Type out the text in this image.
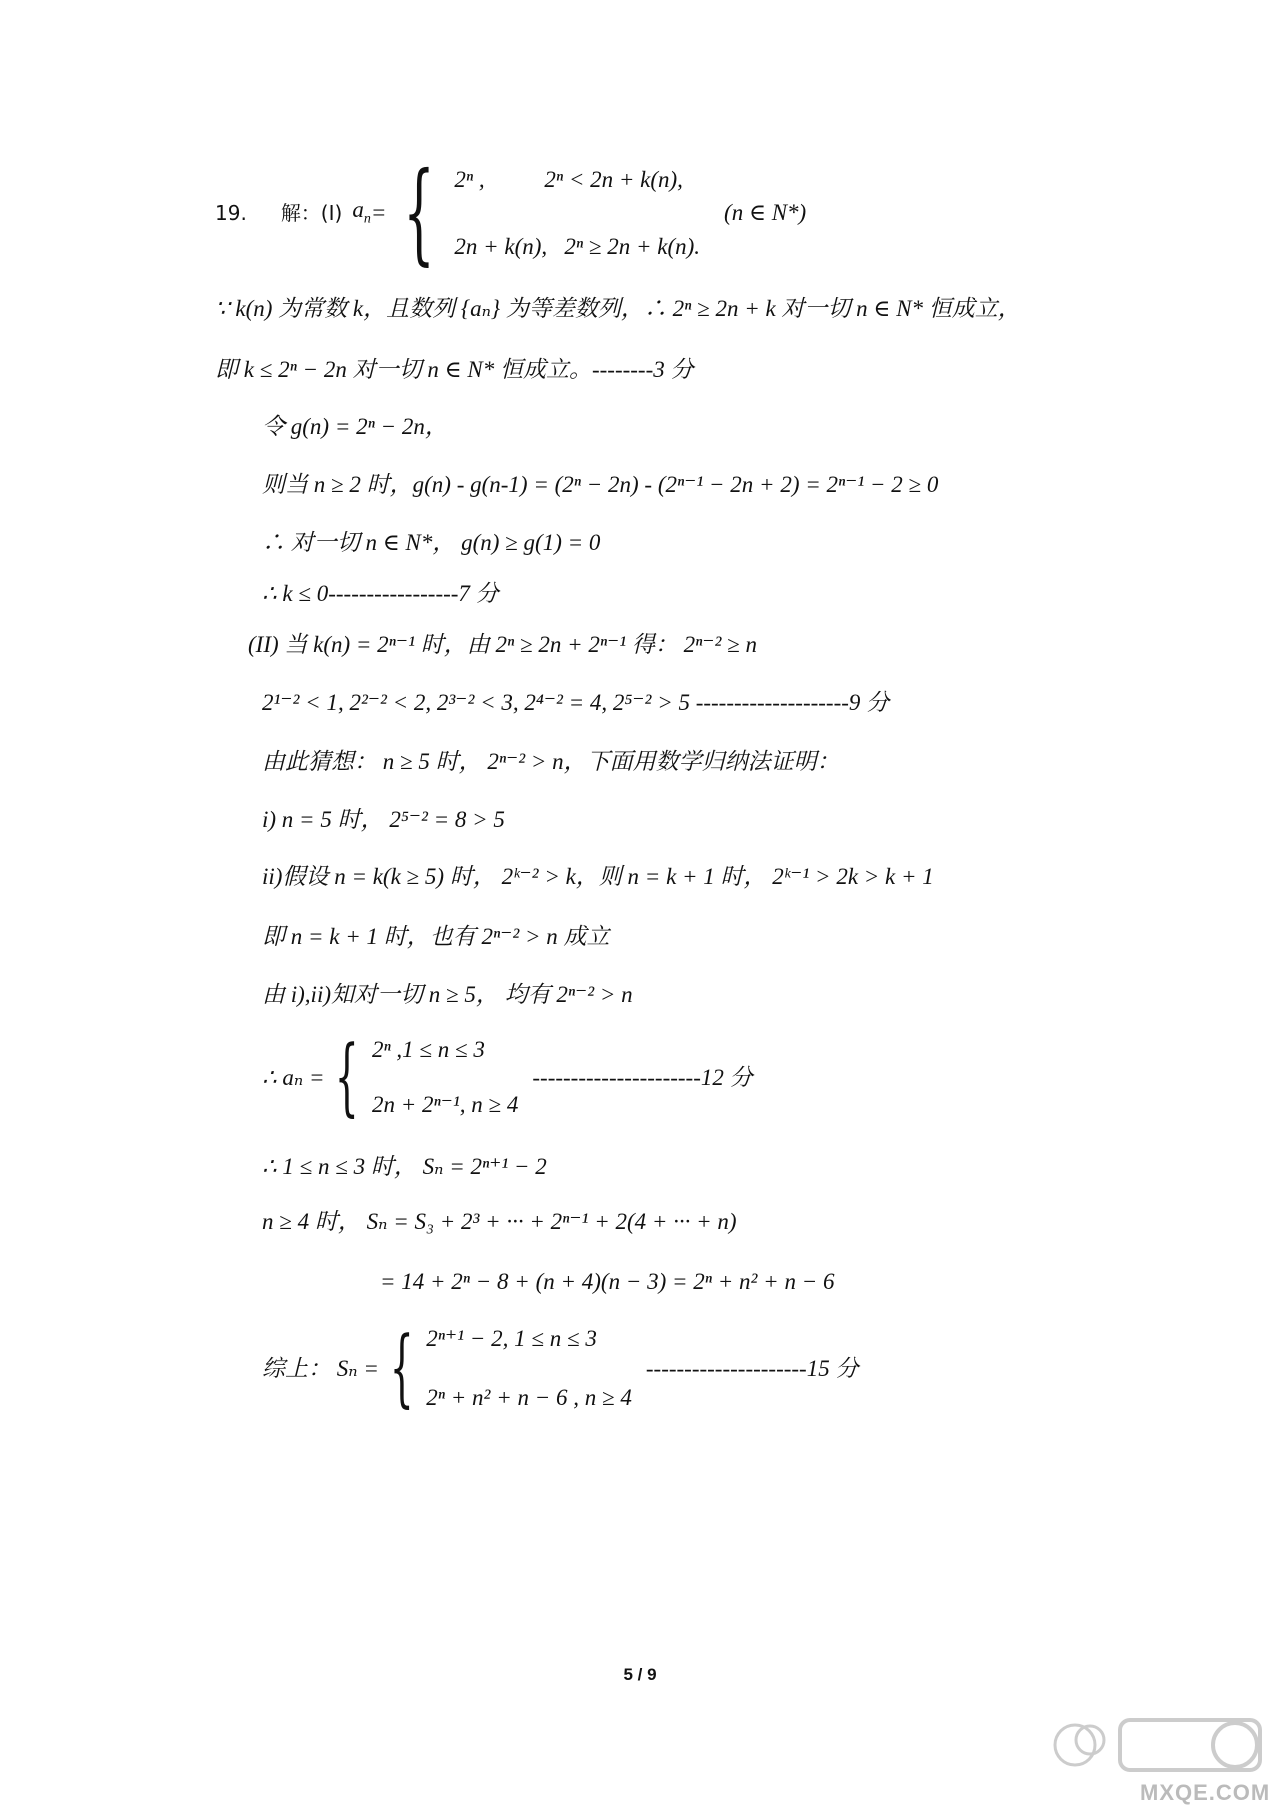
19. 解：(I) $a_n$ = { 2ⁿ ,	2ⁿ < 2n + k(n),
2n + k(n), 2ⁿ ≥ 2n + k(n).
(n ∈ N*)
∵ k(n) 为常数 k，且数列 {aₙ} 为等差数列，∴ 2ⁿ ≥ 2n + k 对一切 n ∈ N* 恒成立，
即 k ≤ 2ⁿ − 2n 对一切 n ∈ N* 恒成立。--------3 分
令 g(n) = 2ⁿ − 2n，
则当 n ≥ 2 时，g(n) - g(n-1) = (2ⁿ − 2n) - (2ⁿ⁻¹ − 2n + 2) = 2ⁿ⁻¹ − 2 ≥ 0
∴ 对一切 n ∈ N*， g(n) ≥ g(1) = 0
∴ k ≤ 0-----------------7 分
(II) 当 k(n) = 2ⁿ⁻¹ 时，由 2ⁿ ≥ 2n + 2ⁿ⁻¹ 得： 2ⁿ⁻² ≥ n
2¹⁻² < 1, 2²⁻² < 2, 2³⁻² < 3, 2⁴⁻² = 4, 2⁵⁻² > 5 --------------------9 分
由此猜想： n ≥ 5 时， 2ⁿ⁻² > n，下面用数学归纳法证明：
i) n = 5 时， 2⁵⁻² = 8 > 5
ii)假设 n = k(k ≥ 5) 时， 2ᵏ⁻² > k，则 n = k + 1 时， 2ᵏ⁻¹ > 2k > k + 1
即 n = k + 1 时，也有 2ⁿ⁻² > n 成立
由 i),ii)知对一切 n ≥ 5， 均有 2ⁿ⁻² > n
∴ aₙ = { 2ⁿ ,1 ≤ n ≤ 3
2n + 2ⁿ⁻¹, n ≥ 4
----------------------12 分
∴ 1 ≤ n ≤ 3 时， Sₙ = 2ⁿ⁺¹ − 2
n ≥ 4 时， Sₙ = S₃ + 2³ + ··· + 2ⁿ⁻¹ + 2(4 + ··· + n)
= 14 + 2ⁿ − 8 + (n + 4)(n − 3) = 2ⁿ + n² + n − 6
综上： Sₙ = { 2ⁿ⁺¹ − 2, 1 ≤ n ≤ 3
2ⁿ + n² + n − 6 , n ≥ 4
---------------------15 分
5 / 9
MXQE.COM
